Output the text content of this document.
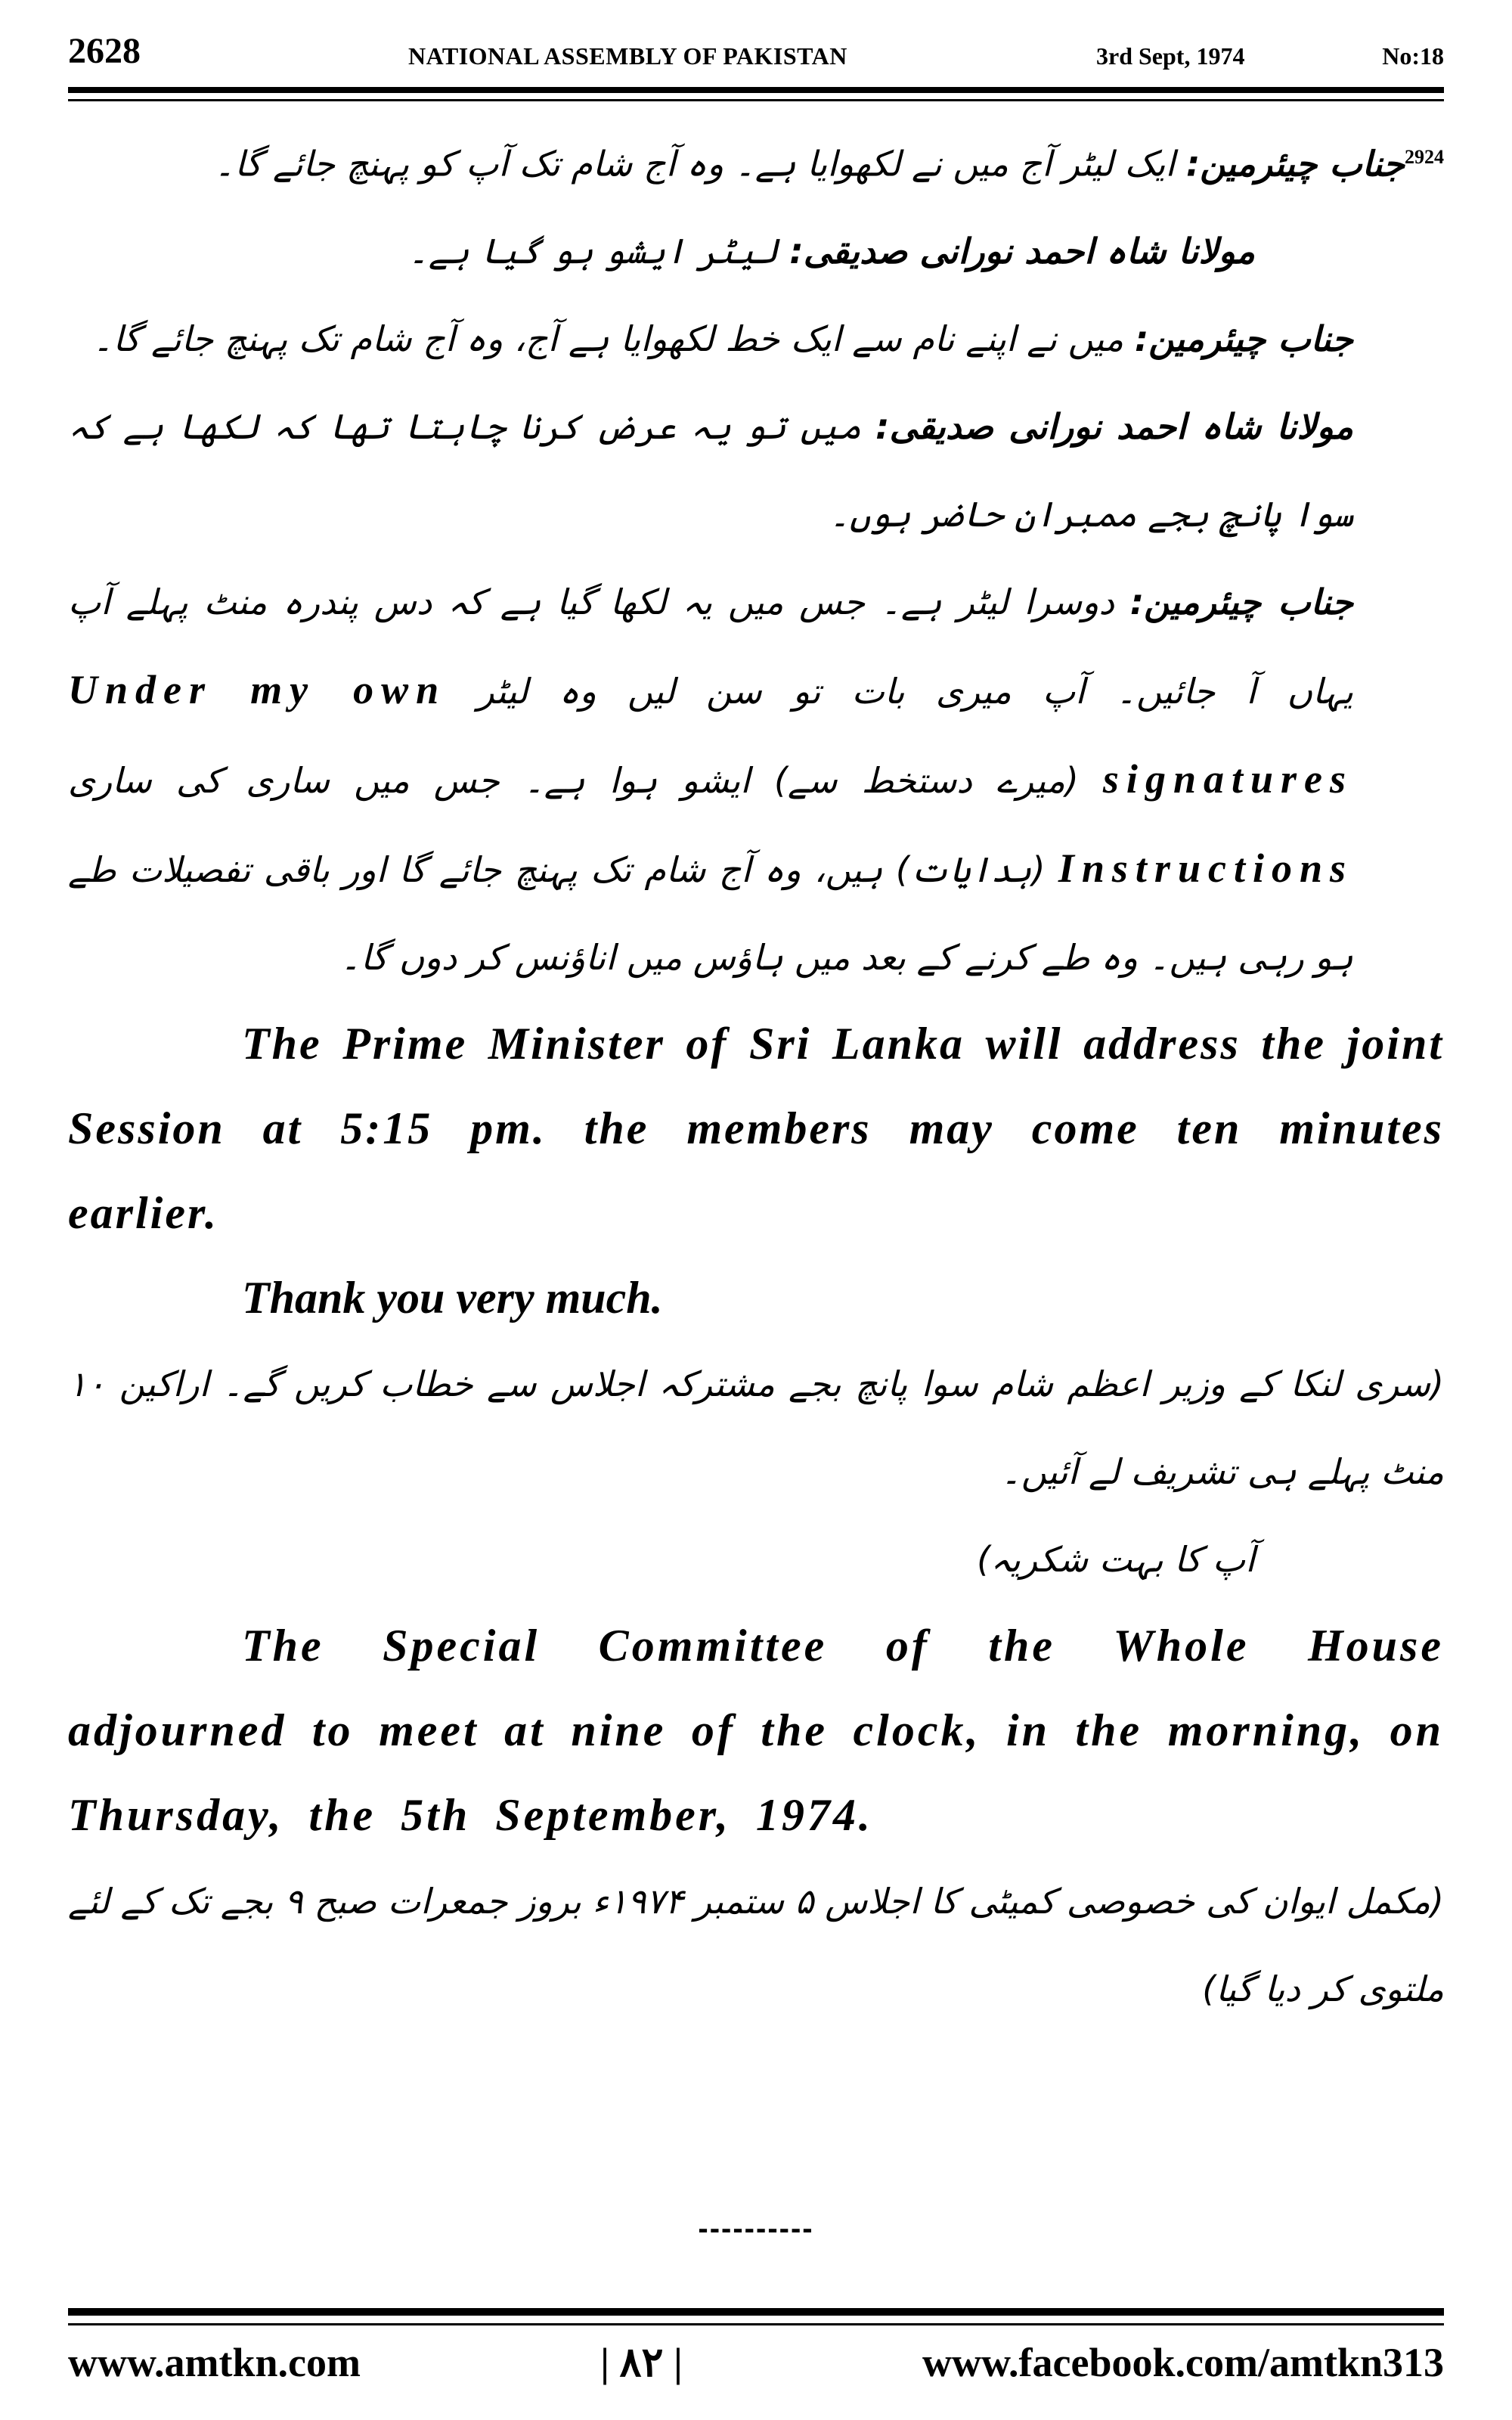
2628	NATIONAL ASSEMBLY OF PAKISTAN	3rd Sept, 1974	No:18

$^{2924}$جناب چیئرمین: ایک لیٹر آج میں نے لکھوایا ہے۔ وہ آج شام تک آپ کو پہنچ جائے گا۔

مولانا شاہ احمد نورانی صدیقی: لیٹر ایشو ہو گیا ہے۔

جناب چیئرمین: میں نے اپنے نام سے ایک خط لکھوایا ہے آج، وہ آج شام تک پہنچ جائے گا۔

مولانا شاہ احمد نورانی صدیقی: میں تو یہ عرض کرنا چاہتا تھا کہ لکھا ہے کہ سوا پانچ بجے ممبران حاضر ہوں۔

جناب چیئرمین: دوسرا لیٹر ہے۔ جس میں یہ لکھا گیا ہے کہ دس پندرہ منٹ پہلے آپ یہاں آ جائیں۔ آپ میری بات تو سن لیں وہ لیٹر Under my own signatures (میرے دستخط سے) ایشو ہوا ہے۔ جس میں ساری کی ساری Instructions (ہدایات) ہیں، وہ آج شام تک پہنچ جائے گا اور باقی تفصیلات طے ہو رہی ہیں۔ وہ طے کرنے کے بعد میں ہاؤس میں اناؤنس کر دوں گا۔

The Prime Minister of Sri Lanka will address the joint Session at 5:15 pm. the members may come ten minutes earlier.

Thank you very much.

(سری لنکا کے وزیر اعظم شام سوا پانچ بجے مشترکہ اجلاس سے خطاب کریں گے۔ اراکین ۱۰ منٹ پہلے ہی تشریف لے آئیں۔

آپ کا بہت شکریہ)

The Special Committee of the Whole House adjourned to meet at nine of the clock, in the morning, on Thursday, the 5th September, 1974.

(مکمل ایوان کی خصوصی کمیٹی کا اجلاس ۵ ستمبر ۱۹۷۴ء بروز جمعرات صبح ۹ بجے تک کے لئے ملتوی کر دیا گیا)

----------
www.amtkn.com	| ۸۲ |	www.facebook.com/amtkn313
